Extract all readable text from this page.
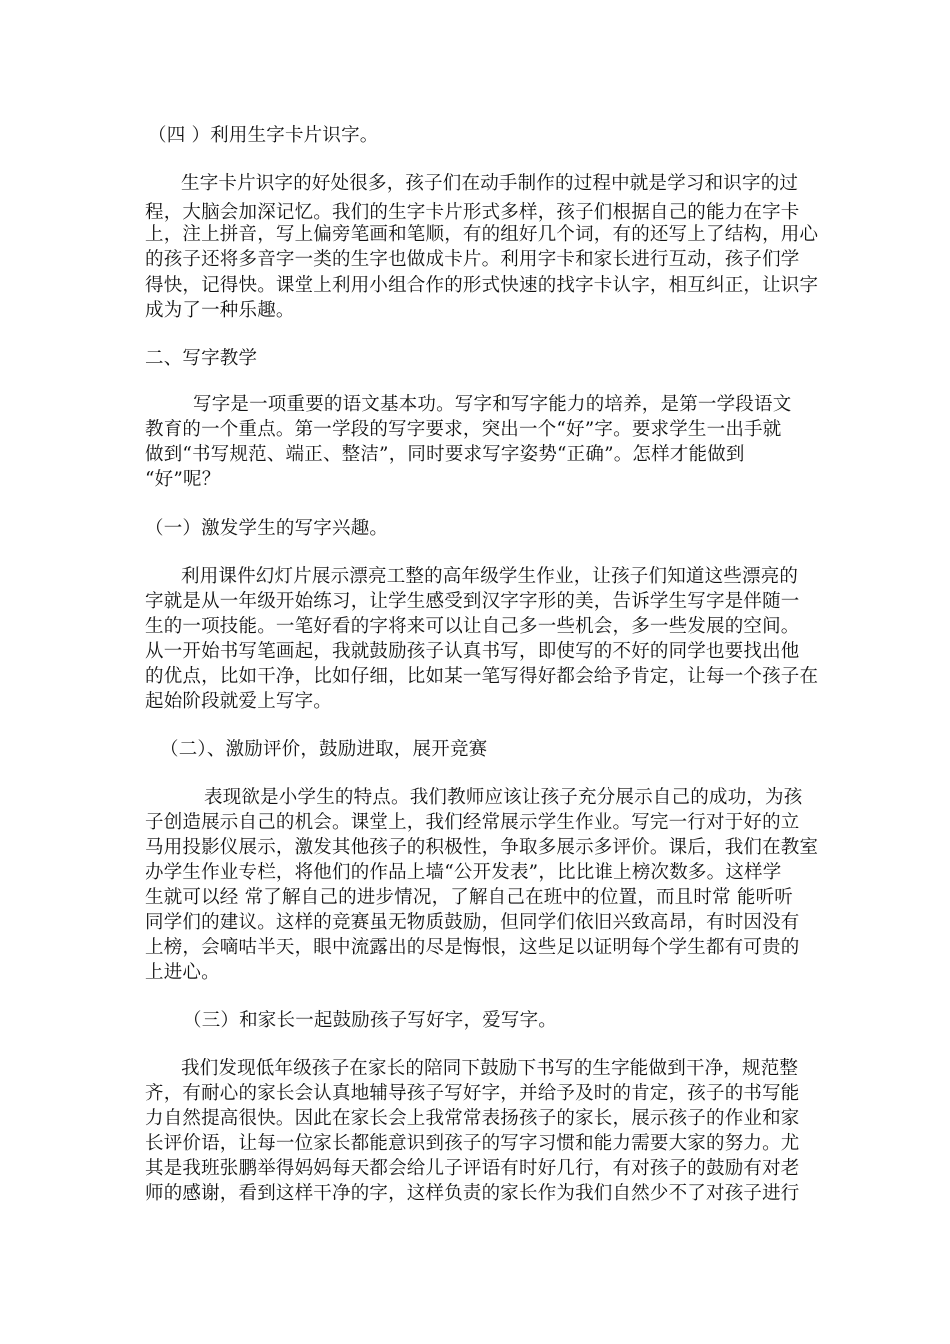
（四 ）利用生字卡片识字。
生字卡片识字的好处很多，孩子们在动手制作的过程中就是学习和识字的过
程，大脑会加深记忆。我们的生字卡片形式多样，孩子们根据自己的能力在字卡
上，注上拼音，写上偏旁笔画和笔顺，有的组好几个词，有的还写上了结构，用心
的孩子还将多音字一类的生字也做成卡片。利用字卡和家长进行互动，孩子们学
得快，记得快。课堂上利用小组合作的形式快速的找字卡认字，相互纠正，让识字
成为了一种乐趣。
二、写字教学
写字是一项重要的语文基本功。写字和写字能力的培养，是第一学段语文
教育的一个重点。第一学段的写字要求，突出一个“好”字。要求学生一出手就
做到“书写规范、端正、整洁”，同时要求写字姿势“正确”。怎样才能做到
“好”呢？
（一）激发学生的写字兴趣。
利用课件幻灯片展示漂亮工整的高年级学生作业，让孩子们知道这些漂亮的
字就是从一年级开始练习，让学生感受到汉字字形的美，告诉学生写字是伴随一
生的一项技能。一笔好看的字将来可以让自己多一些机会，多一些发展的空间。
从一开始书写笔画起，我就鼓励孩子认真书写，即使写的不好的同学也要找出他
的优点，比如干净，比如仔细，比如某一笔写得好都会给予肯定，让每一个孩子在
起始阶段就爱上写字。
（二）、激励评价，鼓励进取，展开竞赛
表现欲是小学生的特点。我们教师应该让孩子充分展示自己的成功，为孩
子创造展示自己的机会。课堂上，我们经常展示学生作业。写完一行对于好的立
马用投影仪展示，激发其他孩子的积极性，争取多展示多评价。课后，我们在教室
办学生作业专栏，将他们的作品上墙“公开发表”，比比谁上榜次数多。这样学
生就可以经 常了解自己的进步情况，了解自己在班中的位置，而且时常 能听听
同学们的建议。这样的竞赛虽无物质鼓励，但同学们依旧兴致高昂，有时因没有
上榜，会嘀咕半天，眼中流露出的尽是悔恨，这些足以证明每个学生都有可贵的
上进心。
（三）和家长一起鼓励孩子写好字，爱写字。
我们发现低年级孩子在家长的陪同下鼓励下书写的生字能做到干净，规范整
齐，有耐心的家长会认真地辅导孩子写好字，并给予及时的肯定，孩子的书写能
力自然提高很快。因此在家长会上我常常表扬孩子的家长，展示孩子的作业和家
长评价语，让每一位家长都能意识到孩子的写字习惯和能力需要大家的努力。尤
其是我班张鹏举得妈妈每天都会给儿子评语有时好几行，有对孩子的鼓励有对老
师的感谢，看到这样干净的字，这样负责的家长作为我们自然少不了对孩子进行
